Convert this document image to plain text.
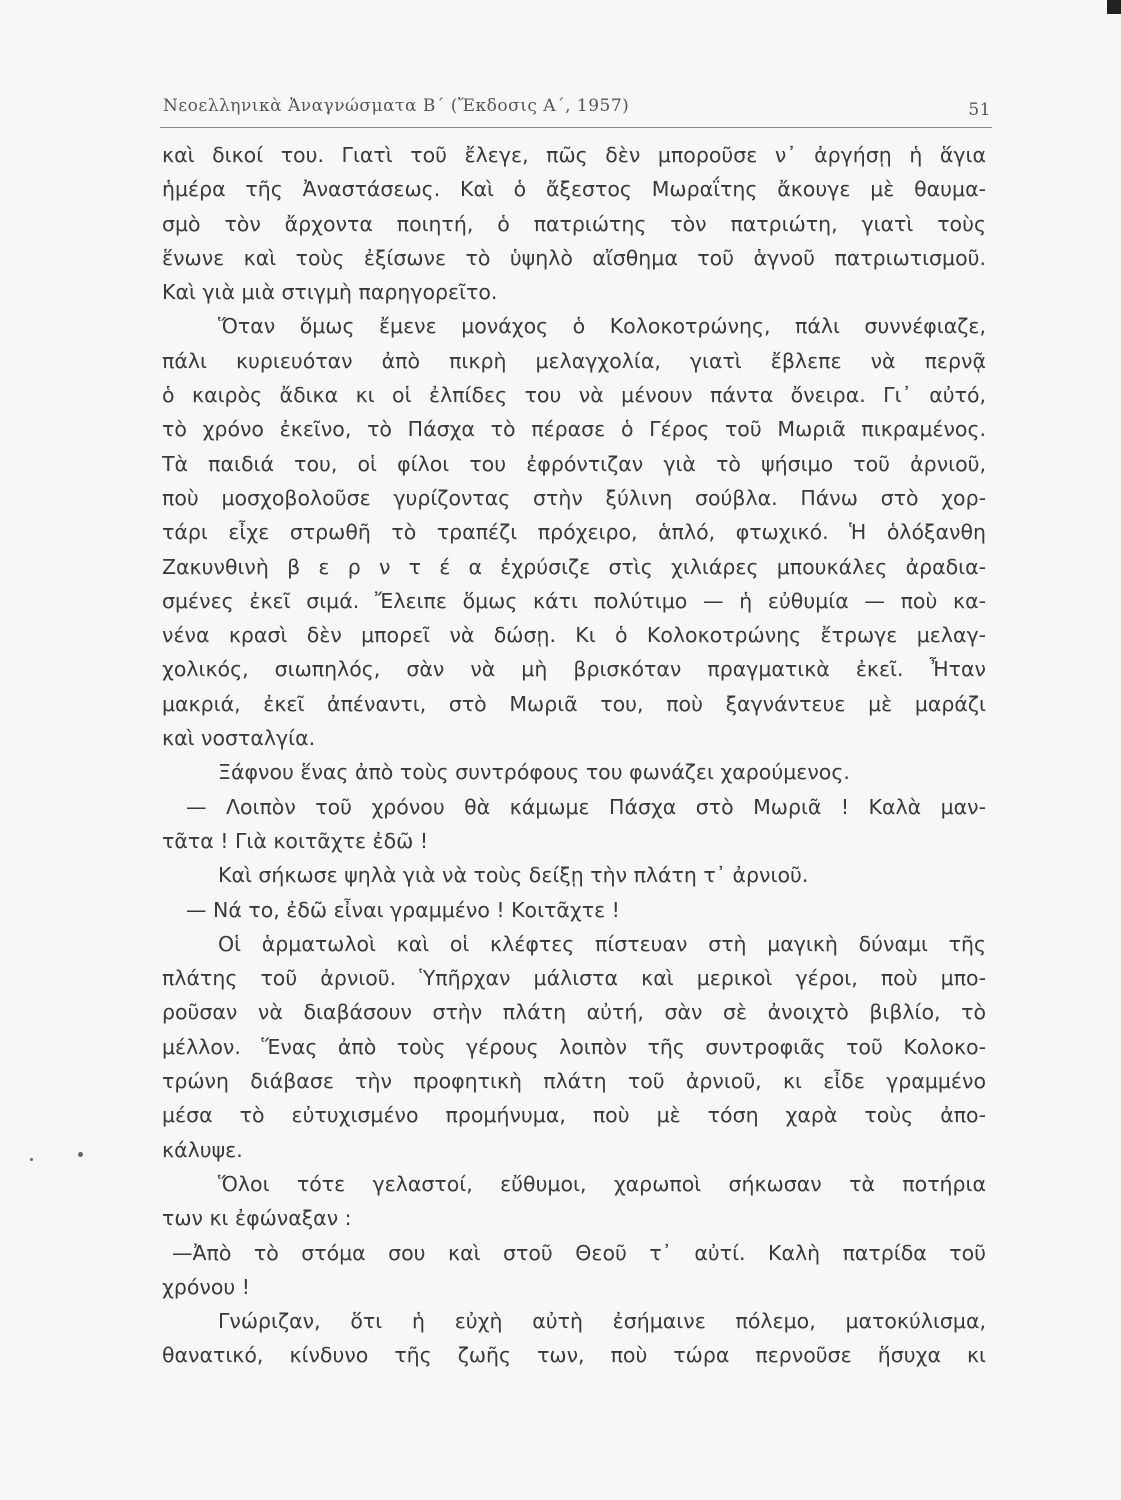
Νεοελληνικὰ Ἀναγνώσματα Β΄ (Ἔκδοσις Α΄, 1957)	51
καὶ δικοί του. Γιατὶ τοῦ ἔλεγε, πῶς δὲν μποροῦσε ν᾽ ἀργήσῃ ἡ ἅγια
ἡμέρα τῆς Ἀναστάσεως. Καὶ ὁ ἄξεστος Μωραΐτης ἄκουγε μὲ θαυμα-
σμὸ τὸν ἄρχοντα ποιητή, ὁ πατριώτης τὸν πατριώτη, γιατὶ τοὺς
ἕνωνε καὶ τοὺς ἐξίσωνε τὸ ὑψηλὸ αἴσθημα τοῦ ἁγνοῦ πατριωτισμοῦ.
Καὶ γιὰ μιὰ στιγμὴ παρηγορεῖτο.
Ὅταν ὅμως ἔμενε μονάχος ὁ Κολοκοτρώνης, πάλι συννέφιαζε,
πάλι κυριευόταν ἀπὸ πικρὴ μελαγχολία, γιατὶ ἔβλεπε νὰ περνᾷ
ὁ καιρὸς ἄδικα κι οἱ ἐλπίδες του νὰ μένουν πάντα ὄνειρα. Γι᾽ αὐτό,
τὸ χρόνο ἐκεῖνο, τὸ Πάσχα τὸ πέρασε ὁ Γέρος τοῦ Μωριᾶ πικραμένος.
Τὰ παιδιά του, οἱ φίλοι του ἐφρόντιζαν γιὰ τὸ ψήσιμο τοῦ ἀρνιοῦ,
ποὺ μοσχοβολοῦσε γυρίζοντας στὴν ξύλινη σούβλα. Πάνω στὸ χορ-
τάρι εἶχε στρωθῆ τὸ τραπέζι πρόχειρο, ἁπλό, φτωχικό. Ἡ ὁλόξανθη
Ζακυνθινὴ β ε ρ ν τ έ α ἐχρύσιζε στὶς χιλιάρες μπουκάλες ἀραδια-
σμένες ἐκεῖ σιμά. Ἔλειπε ὅμως κάτι πολύτιμο — ἡ εὐθυμία — ποὺ κα-
νένα κρασὶ δὲν μπορεῖ νὰ δώσῃ. Κι ὁ Κολοκοτρώνης ἔτρωγε μελαγ-
χολικός, σιωπηλός, σὰν νὰ μὴ βρισκόταν πραγματικὰ ἐκεῖ. Ἦταν
μακριά, ἐκεῖ ἀπέναντι, στὸ Μωριᾶ του, ποὺ ξαγνάντευε μὲ μαράζι
καὶ νοσταλγία.
Ξάφνου ἕνας ἀπὸ τοὺς συντρόφους του φωνάζει χαρούμενος.
— Λοιπὸν τοῦ χρόνου θὰ κάμωμε Πάσχα στὸ Μωριᾶ ! Καλὰ μαν-
τᾶτα ! Γιὰ κοιτᾶχτε ἐδῶ !
Καὶ σήκωσε ψηλὰ γιὰ νὰ τοὺς δείξῃ τὴν πλάτη τ᾽ ἀρνιοῦ.
— Νά το, ἐδῶ εἶναι γραμμένο ! Κοιτᾶχτε !
Οἱ ἁρματωλοὶ καὶ οἱ κλέφτες πίστευαν στὴ μαγικὴ δύναμι τῆς
πλάτης τοῦ ἀρνιοῦ. Ὑπῆρχαν μάλιστα καὶ μερικοὶ γέροι, ποὺ μπο-
ροῦσαν νὰ διαβάσουν στὴν πλάτη αὐτή, σὰν σὲ ἀνοιχτὸ βιβλίο, τὸ
μέλλον. Ἕνας ἀπὸ τοὺς γέρους λοιπὸν τῆς συντροφιᾶς τοῦ Κολοκο-
τρώνη διάβασε τὴν προφητικὴ πλάτη τοῦ ἀρνιοῦ, κι εἶδε γραμμένο
μέσα τὸ εὐτυχισμένο προμήνυμα, ποὺ μὲ τόση χαρὰ τοὺς ἀπο-
κάλυψε.
Ὅλοι τότε γελαστοί, εὔθυμοι, χαρωποὶ σήκωσαν τὰ ποτήρια
των κι ἐφώναξαν :
—Ἀπὸ τὸ στόμα σου καὶ στοῦ Θεοῦ τ᾽ αὐτί. Καλὴ πατρίδα τοῦ
χρόνου !
Γνώριζαν, ὅτι ἡ εὐχὴ αὐτὴ ἐσήμαινε πόλεμο, ματοκύλισμα,
θανατικό, κίνδυνο τῆς ζωῆς των, ποὺ τώρα περνοῦσε ἥσυχα κι
